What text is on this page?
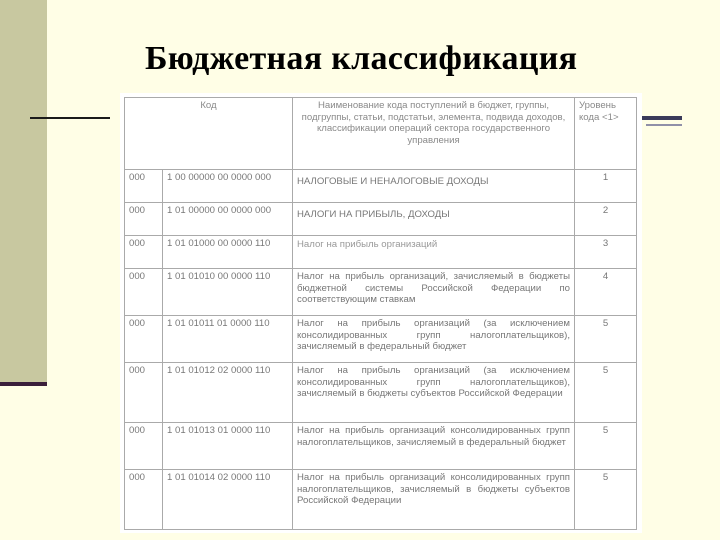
Бюджетная классификация
Код		Наименование кода поступлений в бюджет, группы, подгруппы, статьи, подстатьи, элемента, подвида доходов, классификации операций сектора государственного управления	Уровень кода <1>
000	1 00 00000 00 0000 000	НАЛОГОВЫЕ И НЕНАЛОГОВЫЕ ДОХОДЫ	1
000	1 01 00000 00 0000 000	НАЛОГИ НА ПРИБЫЛЬ, ДОХОДЫ	2
000	1 01 01000 00 0000 110	Налог на прибыль организаций	3
000	1 01 01010 00 0000 110	Налог на прибыль организаций, зачисляемый в бюджеты бюджетной системы Российской Федерации по соответствующим ставкам	4
000	1 01 01011 01 0000 110	Налог на прибыль организаций (за исключением консолидированных групп налогоплательщиков), зачисляемый в федеральный бюджет	5
000	1 01 01012 02 0000 110	Налог на прибыль организаций (за исключением консолидированных групп налогоплательщиков), зачисляемый в бюджеты субъектов Российской Федерации	5
000	1 01 01013 01 0000 110	Налог на прибыль организаций консолидированных групп налогоплательщиков, зачисляемый в федеральный бюджет	5
000	1 01 01014 02 0000 110	Налог на прибыль организаций консолидированных групп налогоплательщиков, зачисляемый в бюджеты субъектов Российской Федерации	5
